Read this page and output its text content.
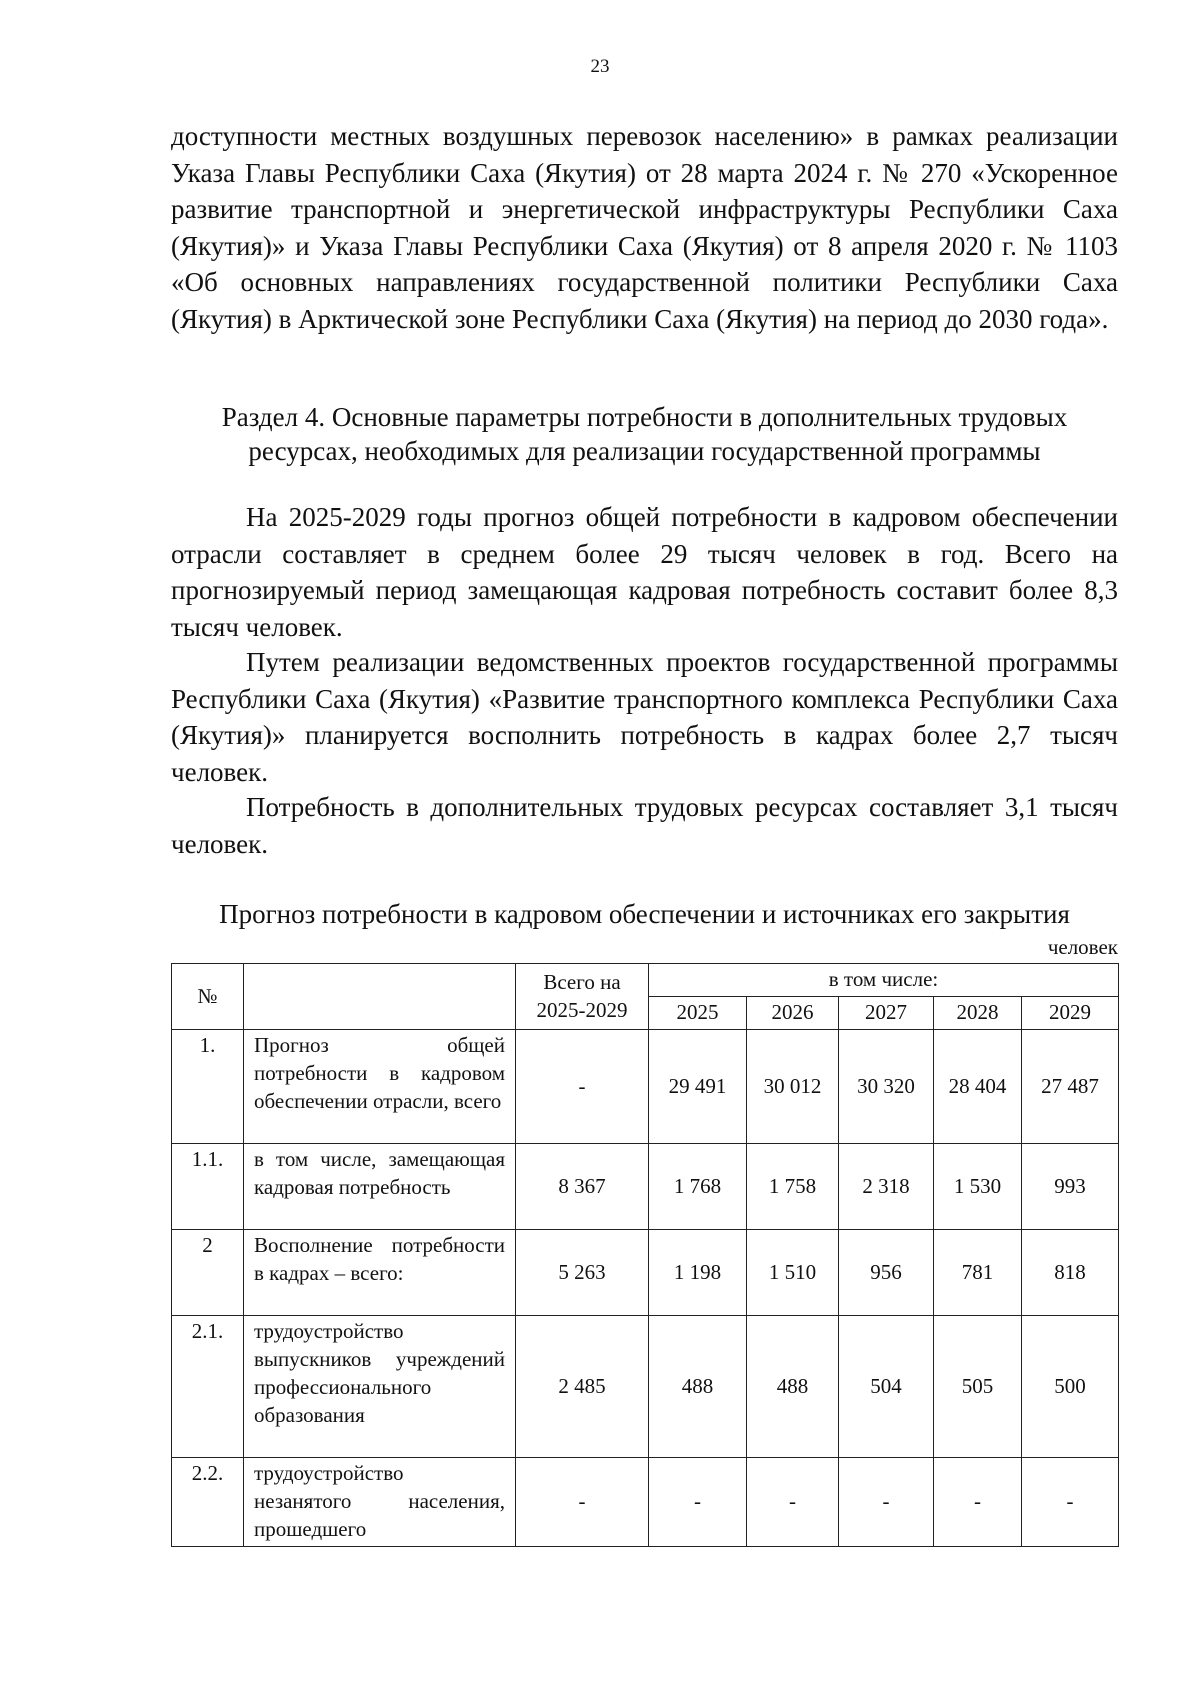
23
доступности местных воздушных перевозок населению» в рамках реализации Указа Главы Республики Саха (Якутия) от 28 марта 2024 г. № 270 «Ускоренное развитие транспортной и энергетической инфраструктуры Республики Саха (Якутия)» и Указа Главы Республики Саха (Якутия) от 8 апреля 2020 г. № 1103 «Об основных направлениях государственной политики Республики Саха (Якутия) в Арктической зоне Республики Саха (Якутия) на период до 2030 года».
Раздел 4. Основные параметры потребности в дополнительных трудовых
ресурсах, необходимых для реализации государственной программы
На 2025-2029 годы прогноз общей потребности в кадровом обеспечении отрасли составляет в среднем более 29 тысяч человек в год. Всего на прогнозируемый период замещающая кадровая потребность составит более 8,3 тысяч человек.
Путем реализации ведомственных проектов государственной программы Республики Саха (Якутия) «Развитие транспортного комплекса Республики Саха (Якутия)» планируется восполнить потребность в кадрах более 2,7 тысяч человек.
Потребность в дополнительных трудовых ресурсах составляет 3,1 тысяч человек.
Прогноз потребности в кадровом обеспечении и источниках его закрытия
человек
№		Всего на 2025-2029	в том числе:				
			2025	2026	2027	2028	2029
1.	Прогноз общей потребности в кадровом обеспечении отрасли, всего	-	29 491	30 012	30 320	28 404	27 487
1.1.	в том числе, замещающая кадровая потребность	8 367	1 768	1 758	2 318	1 530	993
2	Восполнение потребности в кадрах – всего:	5 263	1 198	1 510	956	781	818
2.1.	трудоустройство выпускников учреждений профессионального образования	2 485	488	488	504	505	500
2.2.	трудоустройство незанятого населения, прошедшего	-	-	-	-	-	-
